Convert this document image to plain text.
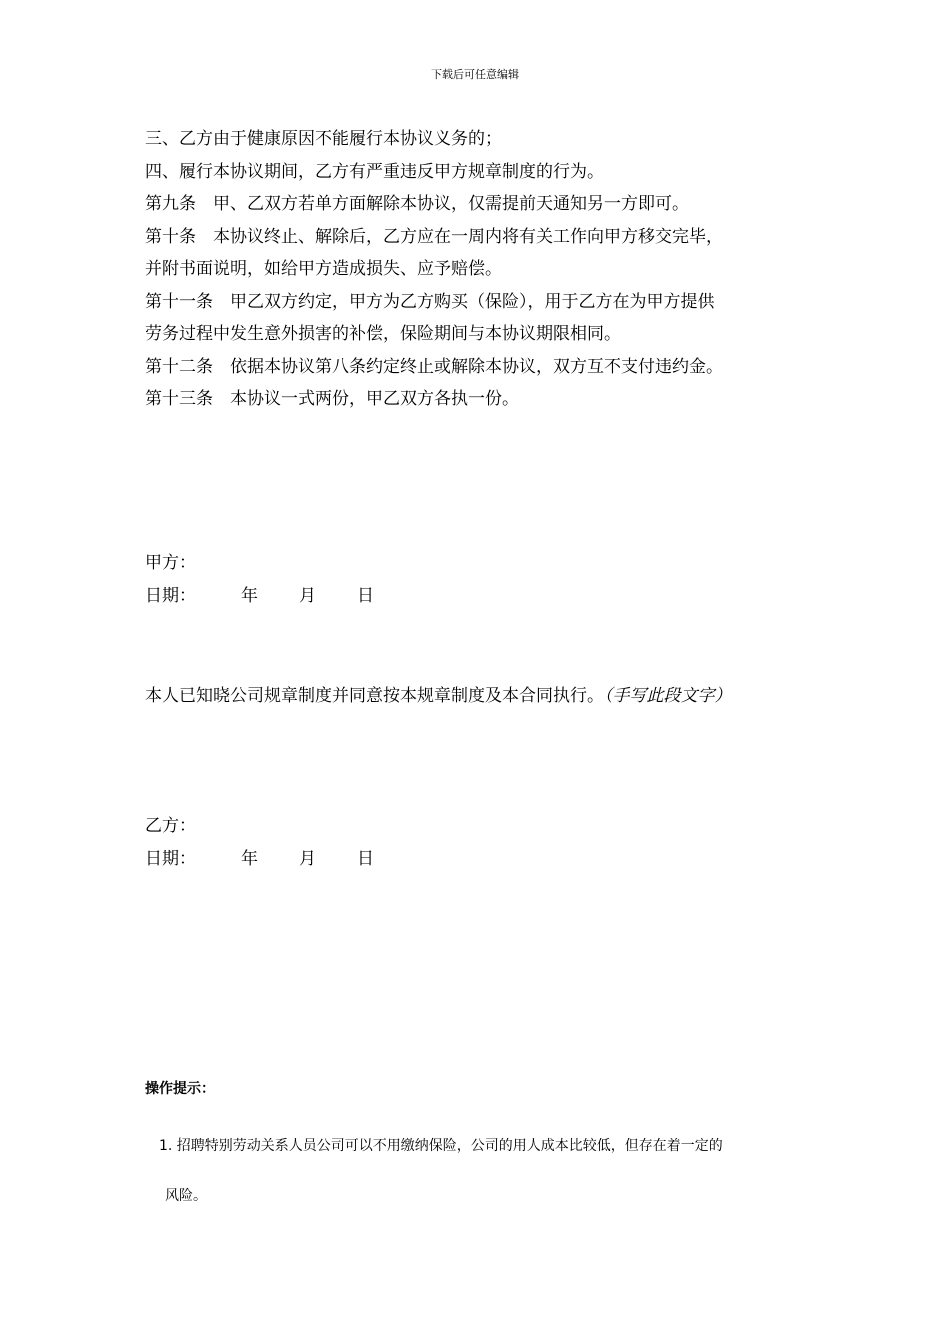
下载后可任意编辑

三、乙方由于健康原因不能履行本协议义务的；

四、履行本协议期间，乙方有严重违反甲方规章制度的行为。

第九条　甲、乙双方若单方面解除本协议，仅需提前天通知另一方即可。

第十条　本协议终止、解除后，乙方应在一周内将有关工作向甲方移交完毕，

并附书面说明，如给甲方造成损失、应予赔偿。

第十一条　甲乙双方约定，甲方为乙方购买（保险），用于乙方在为甲方提供

劳务过程中发生意外损害的补偿，保险期间与本协议期限相同。

第十二条　依据本协议第八条约定终止或解除本协议，双方互不支付违约金。

第十三条　本协议一式两份，甲乙双方各执一份。

甲方：

日期：	年 月 日

本人已知晓公司规章制度并同意按本规章制度及本合同执行。（手写此段文字）

乙方：

日期：	年 月 日

操作提示：

1. 招聘特别劳动关系人员公司可以不用缴纳保险，公司的用人成本比较低，但存在着一定的

风险。
